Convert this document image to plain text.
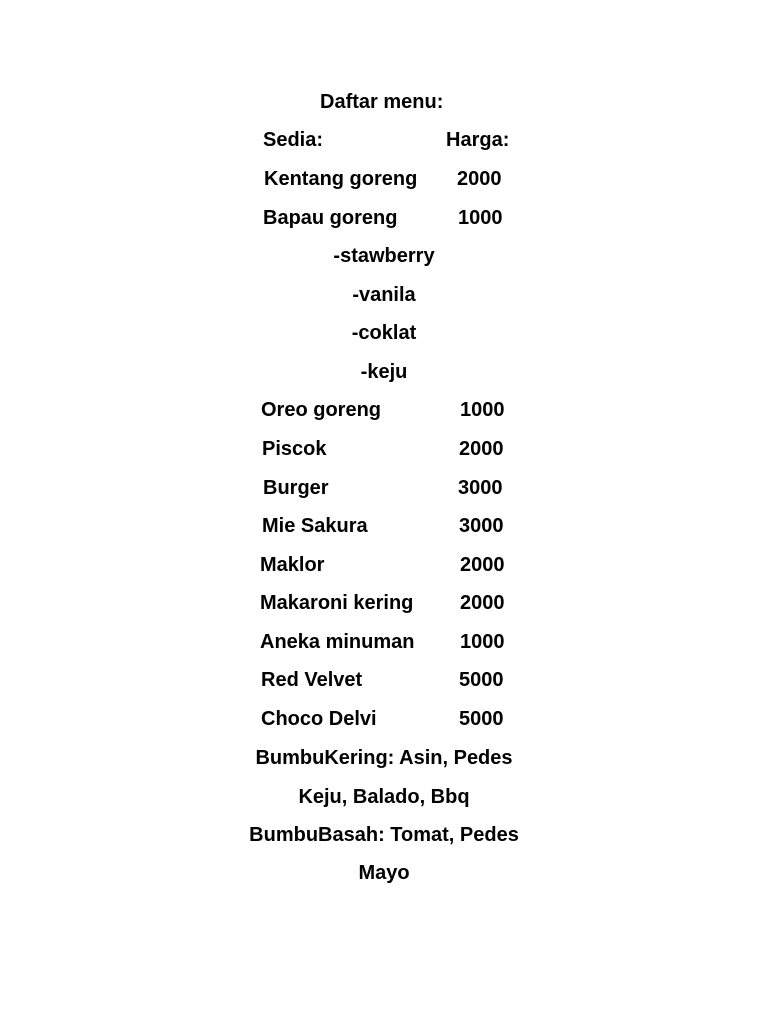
Daftar menu:
Sedia:	Harga:
Kentang goreng 2000
Bapau goreng	1000
-stawberry
-vanila
-coklat
-keju
Oreo goreng	1000
Piscok	2000
Burger	3000
Mie Sakura	3000
Maklor	2000
Makaroni kering 2000
Aneka minuman 1000
Red Velvet	5000
Choco Delvi	5000
BumbuKering: Asin, Pedes
Keju, Balado, Bbq
BumbuBasah: Tomat, Pedes
Mayo
